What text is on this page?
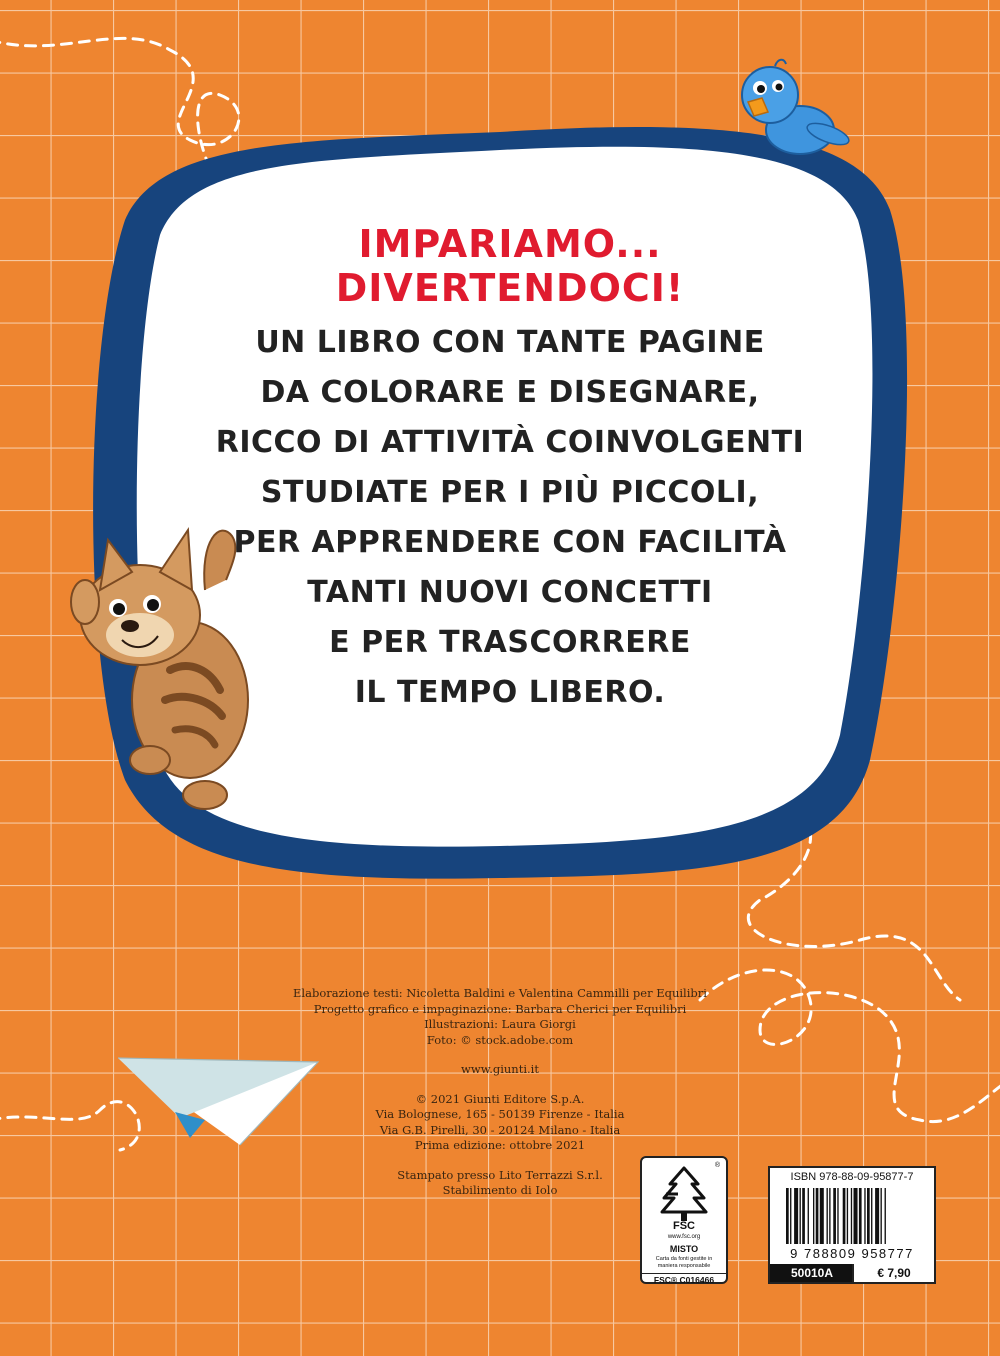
IMPARIAMO... DIVERTENDOCI!
UN LIBRO CON TANTE PAGINE
DA COLORARE E DISEGNARE,
RICCO DI ATTIVITÀ COINVOLGENTI
STUDIATE PER I PIÙ PICCOLI,
PER APPRENDERE CON FACILITÀ
TANTI NUOVI CONCETTI
E PER TRASCORRERE
IL TEMPO LIBERO.
Elaborazione testi: Nicoletta Baldini e Valentina Cammilli per Equilibri
Progetto grafico e impaginazione: Barbara Cherici per Equilibri
Illustrazioni: Laura Giorgi
Foto: © stock.adobe.com
www.giunti.it
© 2021 Giunti Editore S.p.A.
Via Bolognese, 165 - 50139 Firenze - Italia
Via G.B. Pirelli, 30 - 20124 Milano - Italia
Prima edizione: ottobre 2021
Stampato presso Lito Terrazzi S.r.l.
Stabilimento di Iolo
®
FSC
www.fsc.org
MISTO
Carta da fonti gestite in maniera responsabile
FSC® C016466
ISBN 978-88-09-95877-7
9 788809 958777
50010A	€ 7,90
